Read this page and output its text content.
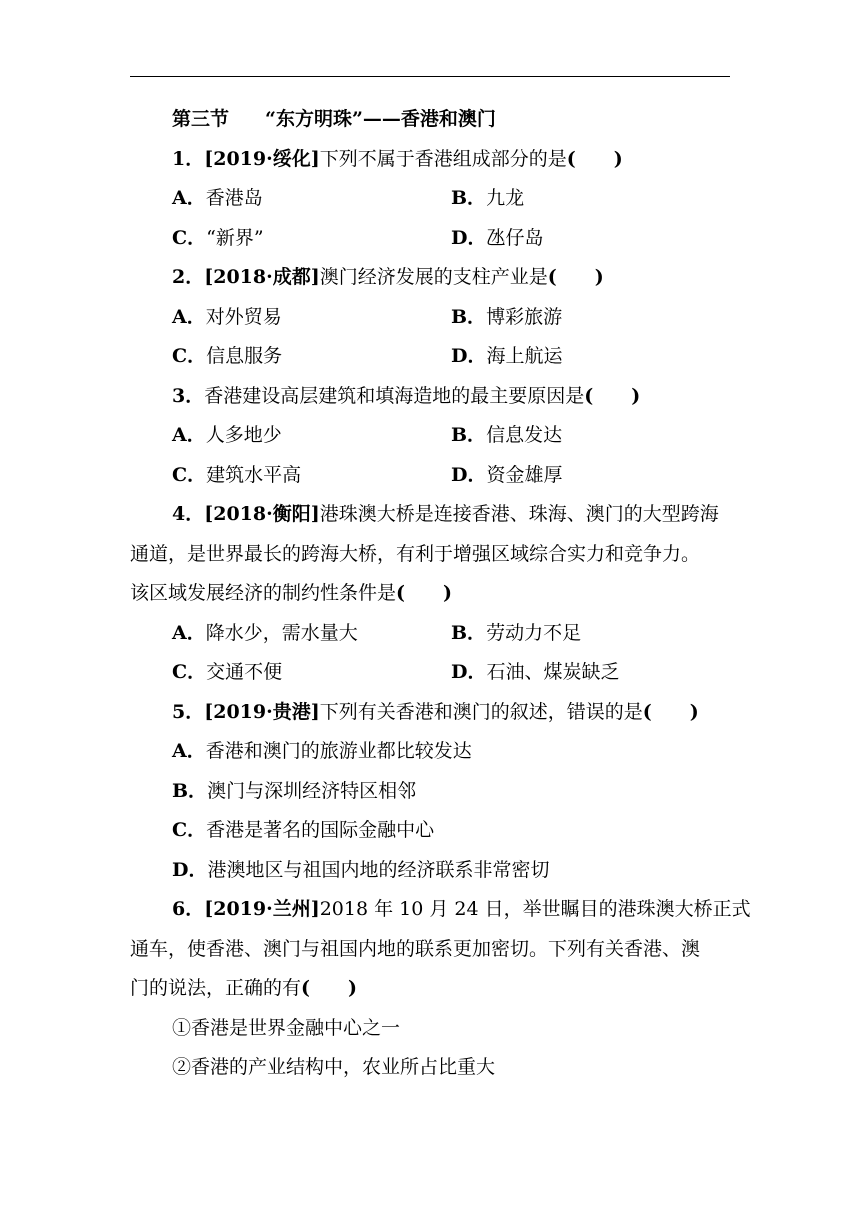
第三节 “东方明珠”——香港和澳门
1．[2019·绥化]下列不属于香港组成部分的是(　　)
A．香港岛	B．九龙
C．“新界”	D．氹仔岛
2．[2018·成都]澳门经济发展的支柱产业是(　　)
A．对外贸易	B．博彩旅游
C．信息服务	D．海上航运
3．香港建设高层建筑和填海造地的最主要原因是(　　)
A．人多地少	B．信息发达
C．建筑水平高	D．资金雄厚
4．[2018·衡阳]港珠澳大桥是连接香港、珠海、澳门的大型跨海
通道，是世界最长的跨海大桥，有利于增强区域综合实力和竞争力。
该区域发展经济的制约性条件是(　　)
A．降水少，需水量大	B．劳动力不足
C．交通不便	D．石油、煤炭缺乏
5．[2019·贵港]下列有关香港和澳门的叙述，错误的是(　　)
A．香港和澳门的旅游业都比较发达
B．澳门与深圳经济特区相邻
C．香港是著名的国际金融中心
D．港澳地区与祖国内地的经济联系非常密切
6．[2019·兰州]2018 年 10 月 24 日，举世瞩目的港珠澳大桥正式
通车，使香港、澳门与祖国内地的联系更加密切。下列有关香港、澳
门的说法，正确的有(　　)
①香港是世界金融中心之一
②香港的产业结构中，农业所占比重大
